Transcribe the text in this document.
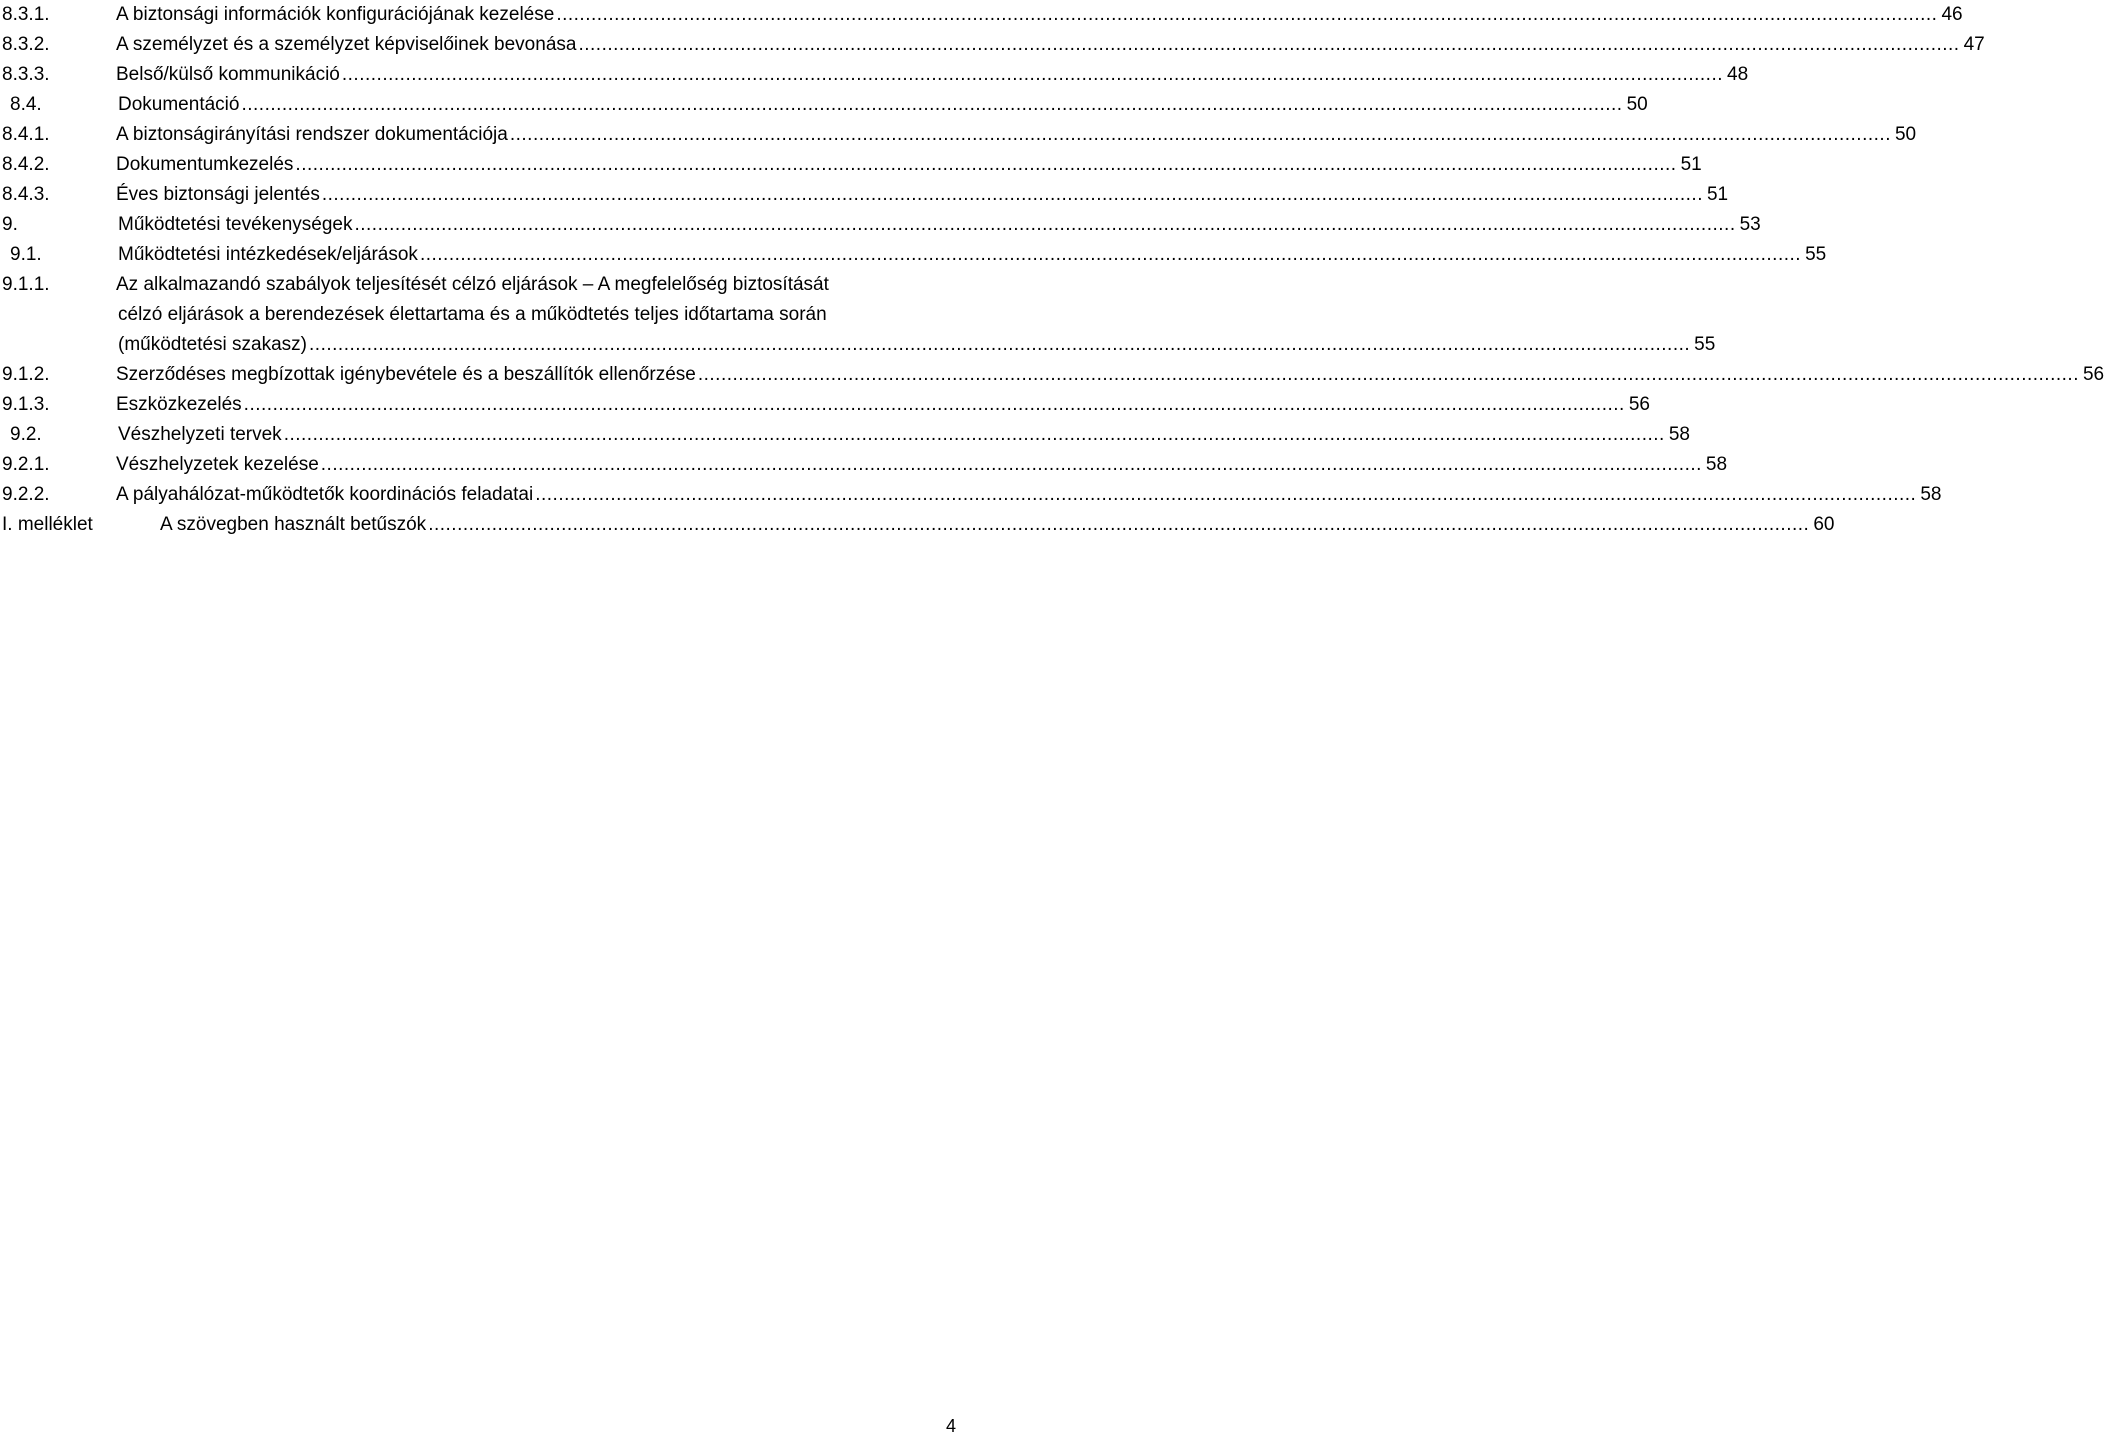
8.3.1.	A biztonsági információk konfigurációjának kezelése .....	46
8.3.2.	A személyzet és a személyzet képviselőinek bevonása .....	47
8.3.3.	Belső/külső kommunikáció .....	48
8.4.	Dokumentáció .....	50
8.4.1.	A biztonságirányítási rendszer dokumentációja .....	50
8.4.2.	Dokumentumkezelés .....	51
8.4.3.	Éves biztonsági jelentés .....	51
9.	Működtetési tevékenységek .....	53
9.1.	Működtetési intézkedések/eljárások .....	55
9.1.1.	Az alkalmazandó szabályok teljesítését célzó eljárások – A megfelelőség biztosítását
célzó eljárások a berendezések élettartama és a működtetés teljes időtartama során
(működtetési szakasz) .....	55
9.1.2.	Szerződéses megbízottak igénybevétele és a beszállítók ellenőrzése .....	56
9.1.3.	Eszközkezelés .....	56
9.2.	Vészhelyzeti tervek .....	58
9.2.1.	Vészhelyzetek kezelése .....	58
9.2.2.	A pályahálózat-működtetők koordinációs feladatai .....	58
I. melléklet	A szövegben használt betűszók .....	60
4
